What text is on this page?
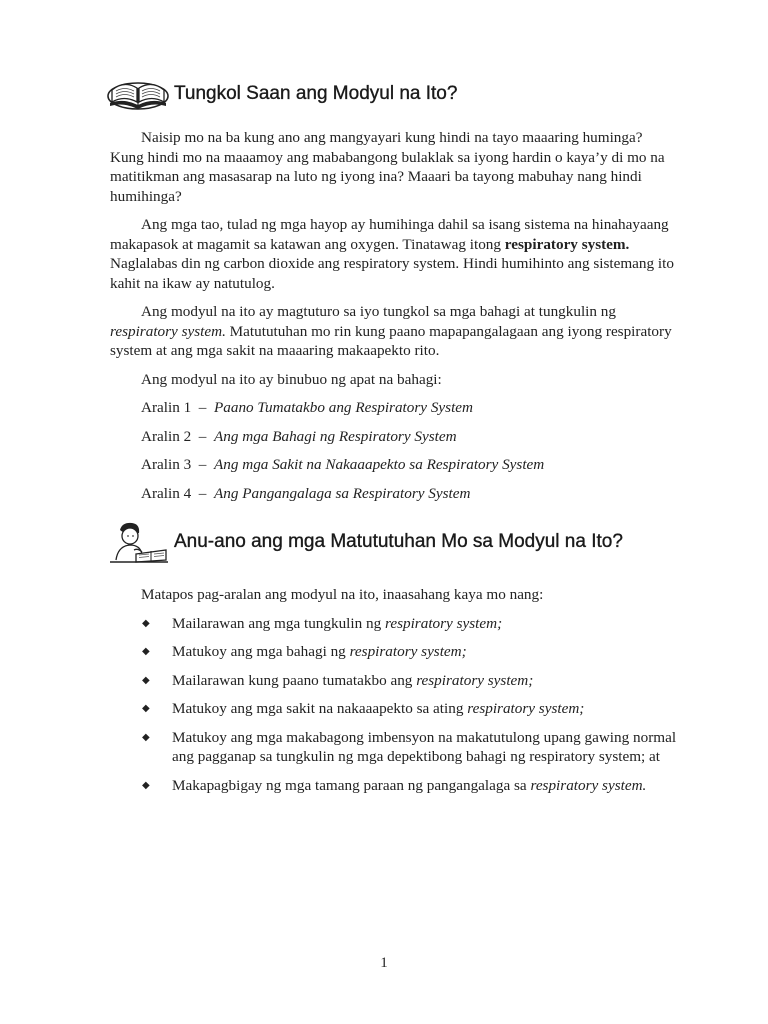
Tungkol Saan ang Modyul na Ito?

Naisip mo na ba kung ano ang mangyayari kung hindi na tayo maaaring huminga? Kung hindi mo na maaamoy ang mababangong bulaklak sa iyong hardin o kaya’y di mo na matitikman ang masasarap na luto ng iyong ina? Maaari ba tayong mabuhay nang hindi humihinga?

Ang mga tao, tulad ng mga hayop ay humihinga dahil sa isang sistema na hinahayaang makapasok at magamit sa katawan ang oxygen. Tinatawag itong respiratory system. Naglalabas din ng carbon dioxide ang respiratory system. Hindi humihinto ang sistemang ito kahit na ikaw ay natutulog.

Ang modyul na ito ay magtuturo sa iyo tungkol sa mga bahagi at tungkulin ng respiratory system. Matututuhan mo rin kung paano mapapangalagaan ang iyong respiratory system at ang mga sakit na maaaring makaapekto rito.

Ang modyul na ito ay binubuo ng apat na bahagi:

Aralin 1 – Paano Tumatakbo ang Respiratory System

Aralin 2 – Ang mga Bahagi ng Respiratory System

Aralin 3 – Ang mga Sakit na Nakaaapekto sa Respiratory System

Aralin 4 – Ang Pangangalaga sa Respiratory System

Anu-ano ang mga Matututuhan Mo sa Modyul na Ito?

Matapos pag-aralan ang modyul na ito, inaasahang kaya mo nang:

◆ Mailarawan ang mga tungkulin ng respiratory system;
◆ Matukoy ang mga bahagi ng respiratory system;
◆ Mailarawan kung paano tumatakbo ang respiratory system;
◆ Matukoy ang mga sakit na nakaaapekto sa ating respiratory system;
◆ Matukoy ang mga makabagong imbensyon na makatutulong upang gawing normal ang pagganap sa tungkulin ng mga depektibong bahagi ng respiratory system; at
◆ Makapagbigay ng mga tamang paraan ng pangangalaga sa respiratory system.
1
